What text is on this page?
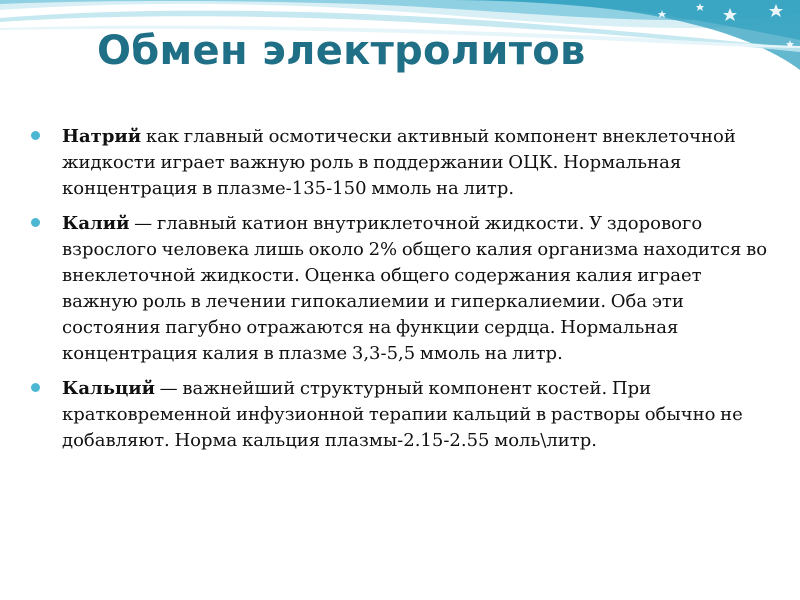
Обмен электролитов
Натрий как главный осмотически активный компонент внеклеточной жидкости играет важную роль в поддержании ОЦК. Нормальная концентрация в плазме-135-150 ммоль на литр.
Калий — главный катион внутриклеточной жидкости. У здорового взрослого человека лишь около 2% общего калия организма находится во внеклеточной жидкости. Оценка общего содержания калия играет важную роль в лечении гипокалиемии и гиперкалиемии. Оба эти состояния пагубно отражаются на функции сердца. Нормальная концентрация калия в плазме 3,3-5,5 ммоль на литр.
Кальций — важнейший структурный компонент костей. При кратковременной инфузионной терапии кальций в растворы обычно не добавляют. Норма кальция плазмы-2.15-2.55 моль\литр.
